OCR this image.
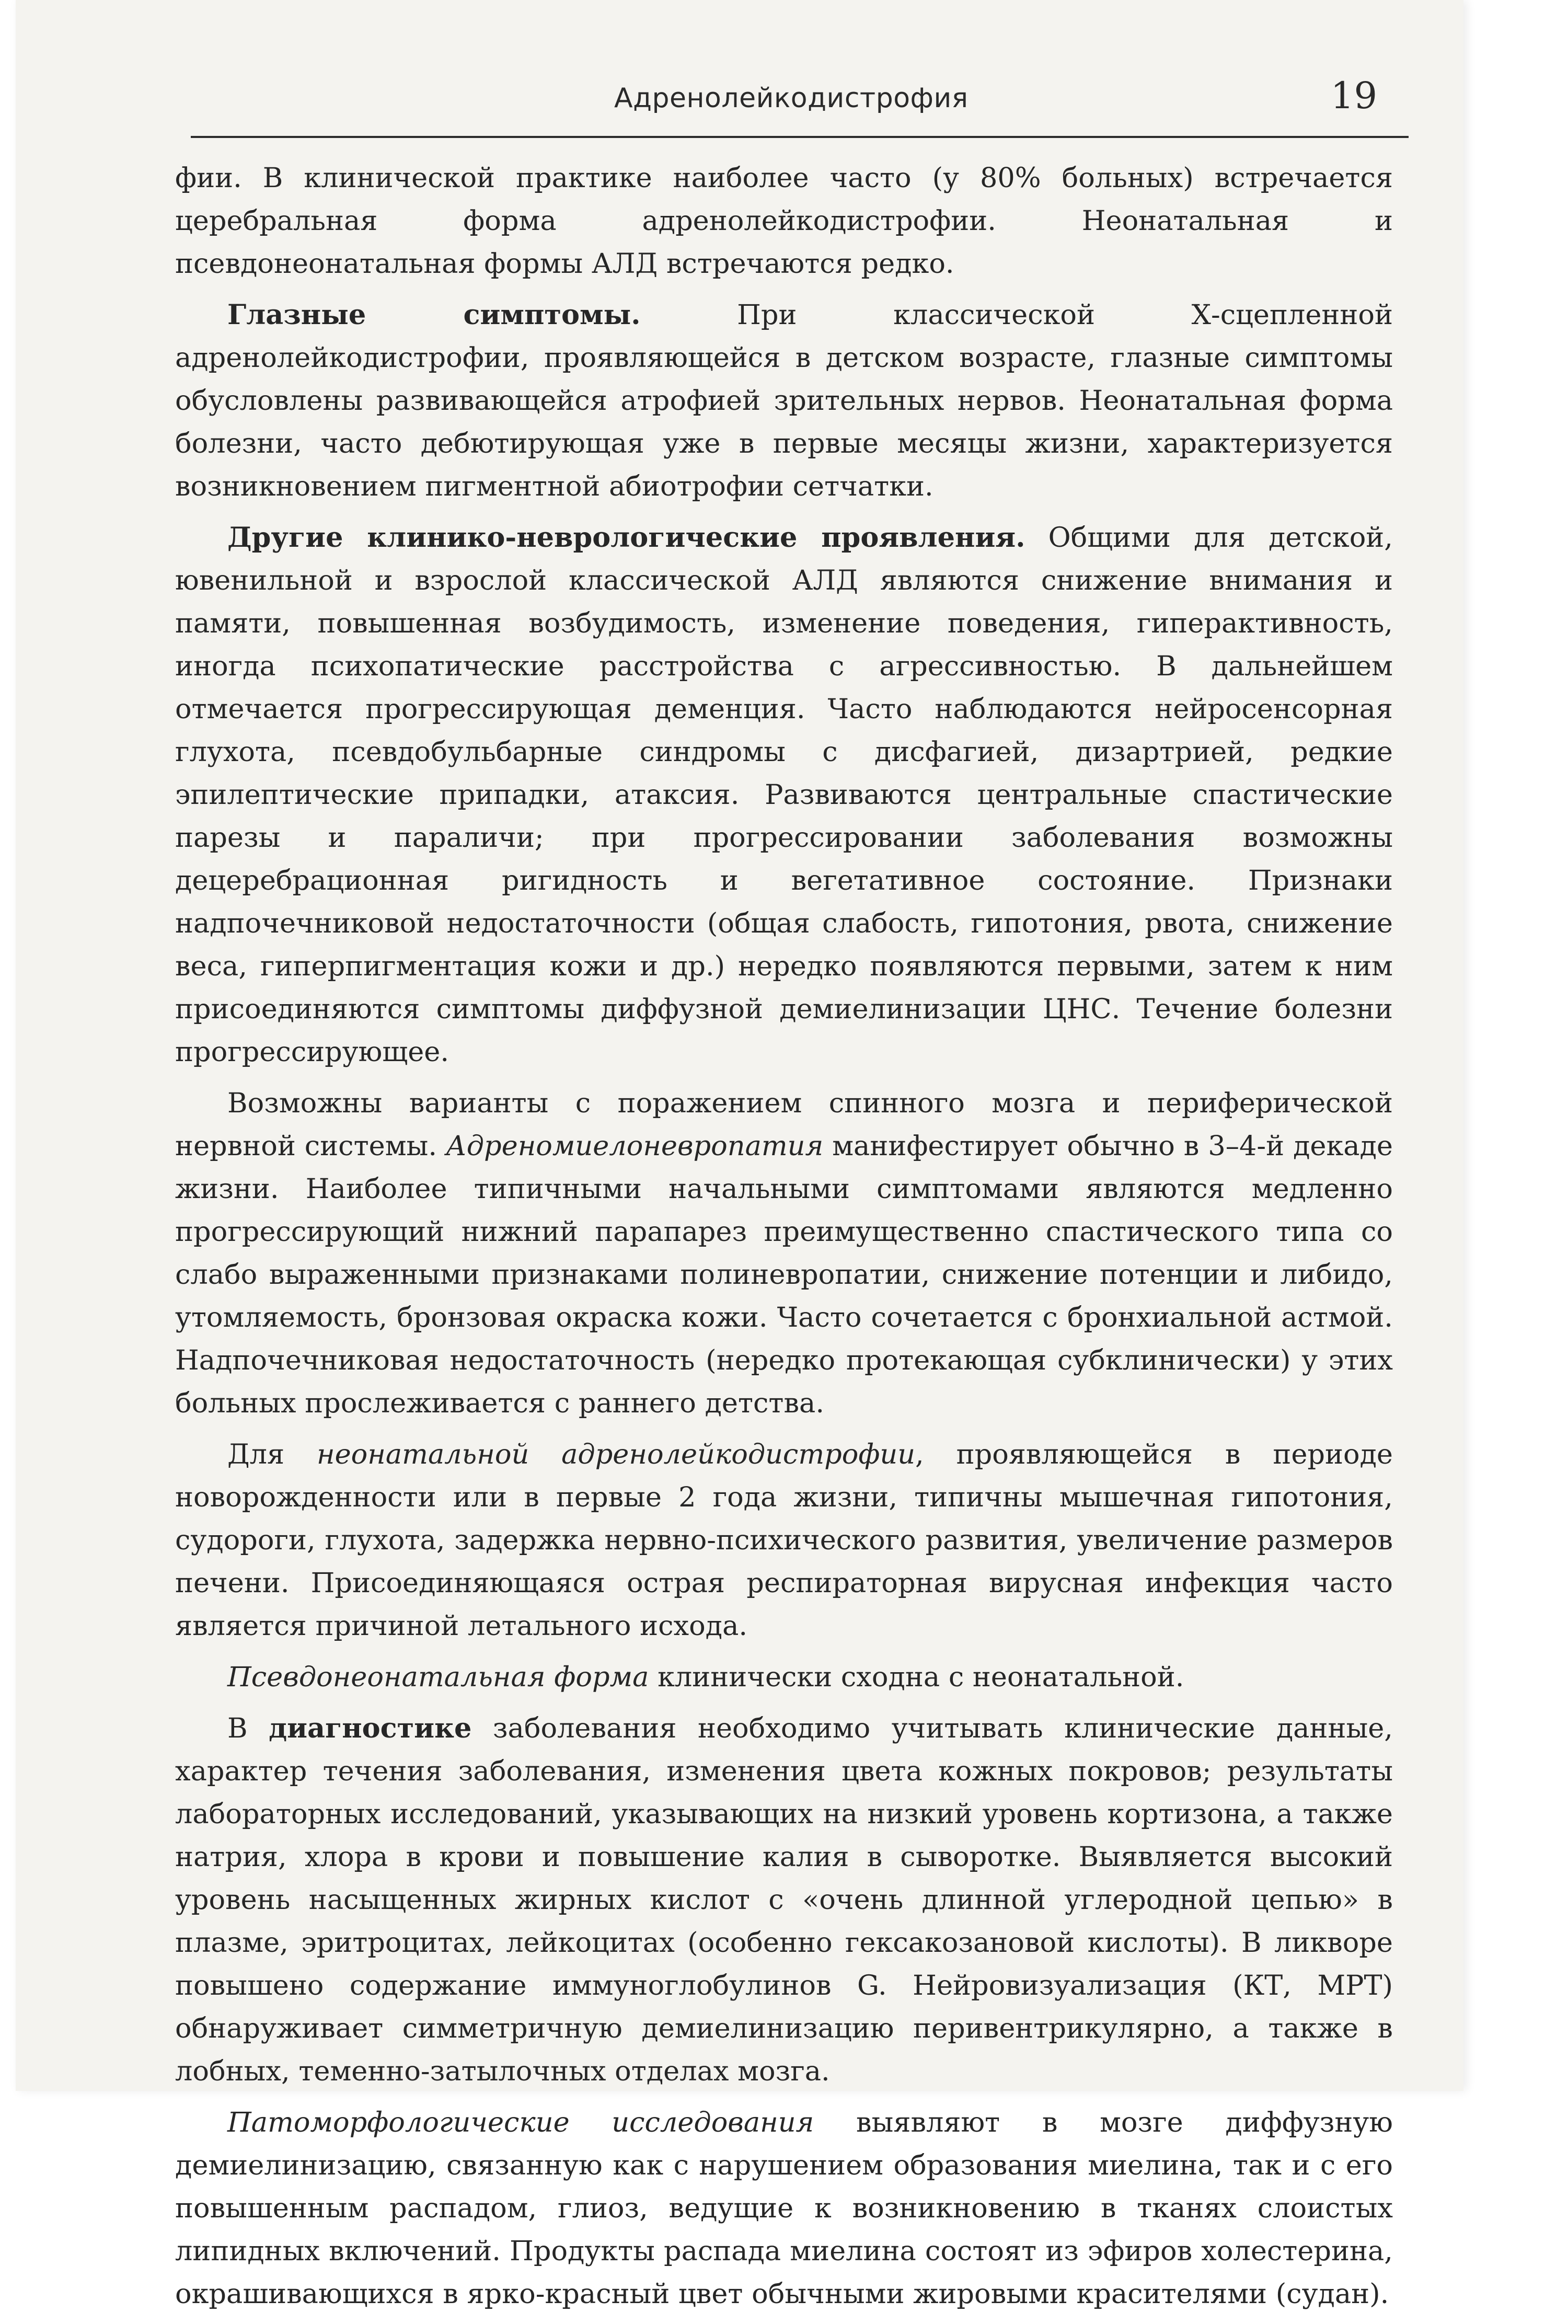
Адренолейкодистрофия	19

фии. В клинической практике наиболее часто (у 80% больных) встречается церебральная форма адренолейкодистрофии. Неонатальная и псевдонеонатальная формы АЛД встречаются редко.

Глазные симптомы. При классической Х-сцепленной адренолейкодистрофии, проявляющейся в детском возрасте, глазные симптомы обусловлены развивающейся атрофией зрительных нервов. Неонатальная форма болезни, часто дебютирующая уже в первые месяцы жизни, характеризуется возникновением пигментной абиотрофии сетчатки.

Другие клинико-неврологические проявления. Общими для детской, ювенильной и взрослой классической АЛД являются снижение внимания и памяти, повышенная возбудимость, изменение поведения, гиперактивность, иногда психопатические расстройства с агрессивностью. В дальнейшем отмечается прогрессирующая деменция. Часто наблюдаются нейросенсорная глухота, псевдобульбарные синдромы с дисфагией, дизартрией, редкие эпилептические припадки, атаксия. Развиваются центральные спастические парезы и параличи; при прогрессировании заболевания возможны децеребрационная ригидность и вегетативное состояние. Признаки надпочечниковой недостаточности (общая слабость, гипотония, рвота, снижение веса, гиперпигментация кожи и др.) нередко появляются первыми, затем к ним присоединяются симптомы диффузной демиелинизации ЦНС. Течение болезни прогрессирующее.

Возможны варианты с поражением спинного мозга и периферической нервной системы. Адреномиелоневропатия манифестирует обычно в 3–4-й декаде жизни. Наиболее типичными начальными симптомами являются медленно прогрессирующий нижний парапарез преимущественно спастического типа со слабо выраженными признаками полиневропатии, снижение потенции и либидо, утомляемость, бронзовая окраска кожи. Часто сочетается с бронхиальной астмой. Надпочечниковая недостаточность (нередко протекающая субклинически) у этих больных прослеживается с раннего детства.

Для неонатальной адренолейкодистрофии, проявляющейся в периоде новорожденности или в первые 2 года жизни, типичны мышечная гипотония, судороги, глухота, задержка нервно-психического развития, увеличение размеров печени. Присоединяющаяся острая респираторная вирусная инфекция часто является причиной летального исхода.

Псевдонеонатальная форма клинически сходна с неонатальной.

В диагностике заболевания необходимо учитывать клинические данные, характер течения заболевания, изменения цвета кожных покровов; результаты лабораторных исследований, указывающих на низкий уровень кортизона, а также натрия, хлора в крови и повышение калия в сыворотке. Выявляется высокий уровень насыщенных жирных кислот с «очень длинной углеродной цепью» в плазме, эритроцитах, лейкоцитах (особенно гексакозановой кислоты). В ликворе повышено содержание иммуноглобулинов G. Нейровизуализация (КТ, МРТ) обнаруживает симметричную демиелинизацию перивентрикулярно, а также в лобных, теменно-затылочных отделах мозга.

Патоморфологические исследования выявляют в мозге диффузную демиелинизацию, связанную как с нарушением образования миелина, так и с его повышенным распадом, глиоз, ведущие к возникновению в тканях слоистых липидных включений. Продукты распада миелина состоят из эфиров холестерина, окрашивающихся в ярко-красный цвет обычными жировыми красителями (судан).
